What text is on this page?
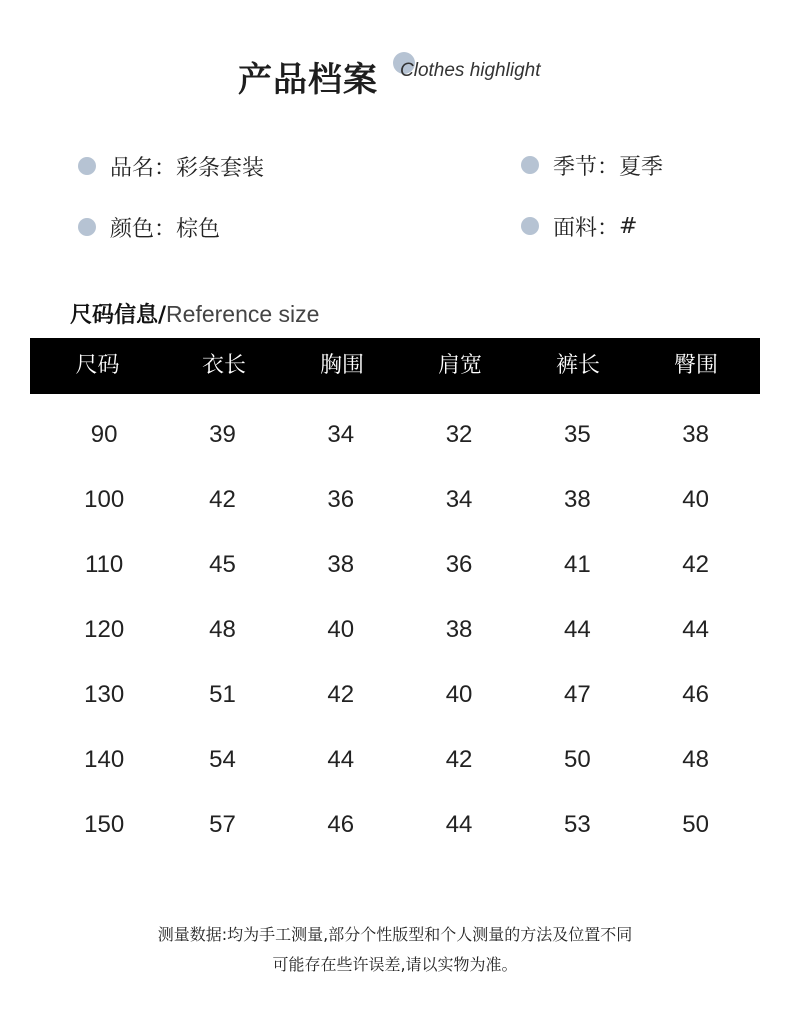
产品档案 Clothes highlight
品名： 彩条套装	季节： 夏季
颜色： 棕色	面料： #
尺码信息/ Reference size
尺码	衣长	胸围	肩宽	裤长	臀围
90	39	34	32	35	38
100	42	36	34	38	40
110	45	38	36	41	42
120	48	40	38	44	44
130	51	42	40	47	46
140	54	44	42	50	48
150	57	46	44	53	50
测量数据:均为手工测量,部分个性版型和个人测量的方法及位置不同
可能存在些许误差,请以实物为准。
